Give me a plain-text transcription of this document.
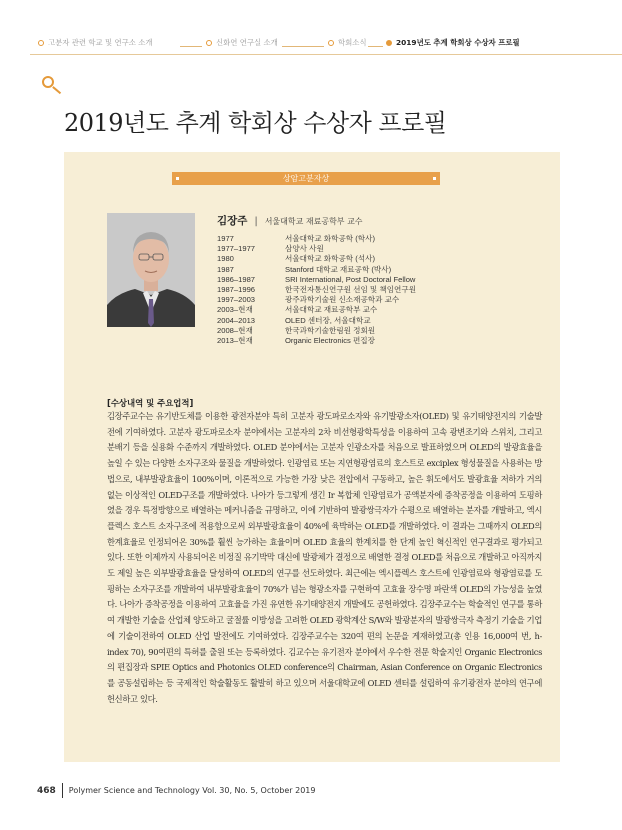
고분자 관련 학교 및 연구소 소개	신화연 연구실 소개	학회소식	2019년도 추계 학회상 수상자 프로필
2019년도 추계 학회상 수상자 프로필
상암고분자상
김장주 | 서울대학교 재료공학부 교수
1977	서울대학교 화학공학 (학사)
1977–1977	삼양사 사원
1980	서울대학교 화학공학 (석사)
1987	Stanford 대학교 재료공학 (박사)
1986–1987	SRI International, Post Doctoral Fellow
1987–1996	한국전자통신연구원 선임 및 책임연구원
1997–2003	광주과학기술원 신소재공학과 교수
2003–현재	서울대학교 재료공학부 교수
2004–2013	OLED 센터장, 서울대학교
2008–현재	한국과학기술한림원 정회원
2013–현재	Organic Electronics 편집장
[수상내역 및 주요업적]
김장주교수는 유기반도체를 이용한 광전자분야 특히 고분자 광도파로소자와 유기발광소자(OLED) 및 유기태양전지의 기술발전에 기여하였다. 고분자 광도파로소자 분야에서는 고분자의 2차 비선형광학특성을 이용하여 고속 광변조기와 스위치, 그리고 분배기 등을 실용화 수준까지 개발하였다. OLED 분야에서는 고분자 인광소자를 처음으로 발표하였으며 OLED의 발광효율을 높일 수 있는 다양한 소자구조와 물질을 개발하였다. 인광염료 또는 지연형광염료의 호스트로 exciplex 형성물질을 사용하는 방법으로, 내부발광효율이 100%이며, 이론적으로 가능한 가장 낮은 전압에서 구동하고, 높은 휘도에서도 발광효율 저하가 거의 없는 이상적인 OLED구조를 개발하였다. 나아가 등그렇게 생긴 Ir 복합체 인광염료가 공액분자에 증착공정을 이용하여 도핑하였을 경우 특정방향으로 배열하는 메커니즘을 규명하고, 이에 기반하여 발광쌍극자가 수평으로 배열하는 분자를 개발하고, 엑시플렉스 호스트 소자구조에 적용함으로써 외부발광효율이 40%에 육박하는 OLED를 개발하였다. 이 결과는 그때까지 OLED의 한계효율로 인정되어온 30%를 훨씬 능가하는 효율이며 OLED 효율의 한계치를 한 단계 높인 혁신적인 연구결과로 평가되고 있다. 또한 이제까지 사용되어온 비정질 유기박막 대신에 발광체가 결정으로 배열한 결정 OLED를 처음으로 개발하고 아직까지도 제일 높은 외부발광효율을 달성하여 OLED의 연구를 선도하였다. 최근에는 엑시플렉스 호스트에 인광염료와 형광염료를 도핑하는 소자구조를 개발하여 내부발광효율이 70%가 넘는 형광소자를 구현하여 고효율 장수명 파란색 OLED의 가능성을 높였다. 나아가 증착공정을 이용하여 고효율을 가진 유연한 유기태양전지 개발에도 공헌하였다. 김장주교수는 학술적인 연구를 통하여 개발한 기술을 산업체 양도하고 굴절률 이방성을 고려한 OLED 광학계산 S/W와 발광분자의 발광쌍극자 측정기 기술을 기업에 기술이전하여 OLED 산업 발전에도 기여하였다. 김장주교수는 320여 편의 논문을 게재하였고(총 인용 16,000여 번, h-index 70), 90여편의 특허를 출원 또는 등록하였다. 김교수는 유기전자 분야에서 우수한 전문 학술지인 Organic Electronics의 편집장과 SPIE Optics and Photonics OLED conference의 Chairman, Asian Conference on Organic Electronics를 공동설립하는 등 국제적인 학술활동도 활발히 하고 있으며 서울대학교에 OLED 센터를 설립하여 유기광전자 분야의 연구에 헌신하고 있다.
468 Polymer Science and Technology Vol. 30, No. 5, October 2019
